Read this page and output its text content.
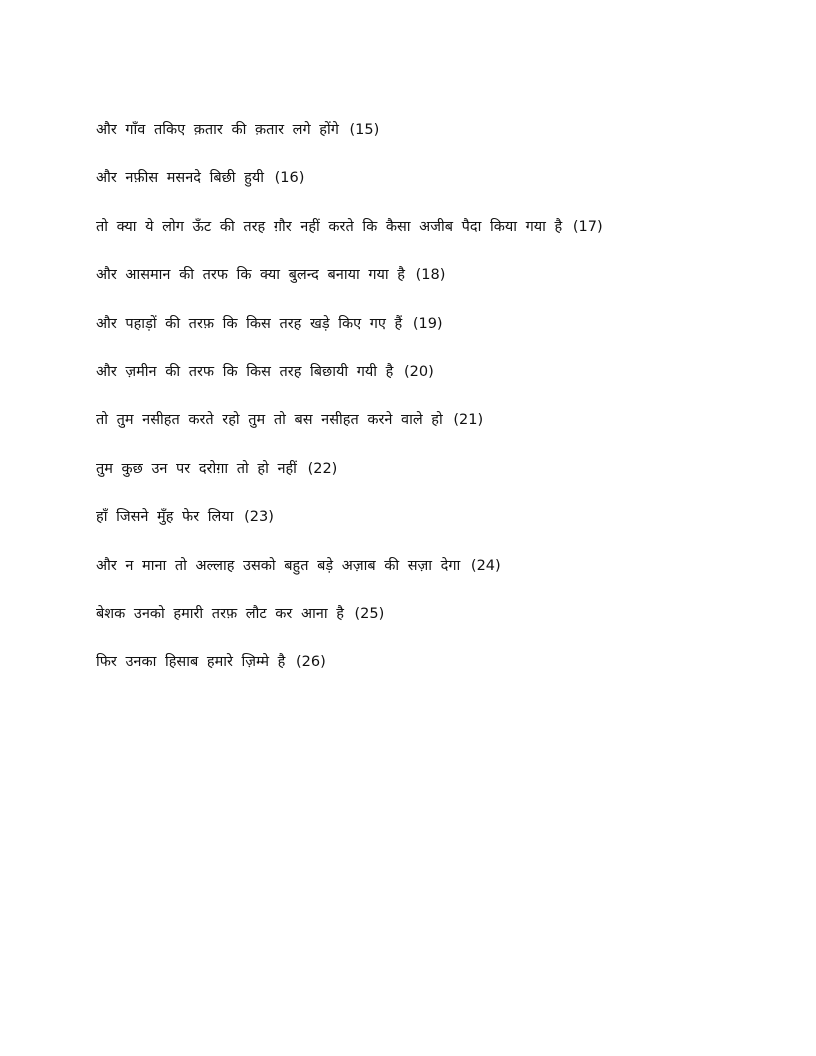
और गाँव तकिए क़तार की क़तार लगे होंगे (15)
और नफ़ीस मसनदे बिछी हुयी (16)
तो क्या ये लोग ऊँट की तरह ग़ौर नहीं करते कि कैसा अजीब पैदा किया गया है (17)
और आसमान की तरफ कि क्या बुलन्द बनाया गया है (18)
और पहाड़ों की तरफ़ कि किस तरह खड़े किए गए हैं (19)
और ज़मीन की तरफ कि किस तरह बिछायी गयी है (20)
तो तुम नसीहत करते रहो तुम तो बस नसीहत करने वाले हो (21)
तुम कुछ उन पर दरोग़ा तो हो नहीं (22)
हाँ जिसने मुँह फेर लिया (23)
और न माना तो अल्लाह उसको बहुत बड़े अज़ाब की सज़ा देगा (24)
बेशक उनको हमारी तरफ़ लौट कर आना है (25)
फिर उनका हिसाब हमारे ज़िम्मे है (26)
